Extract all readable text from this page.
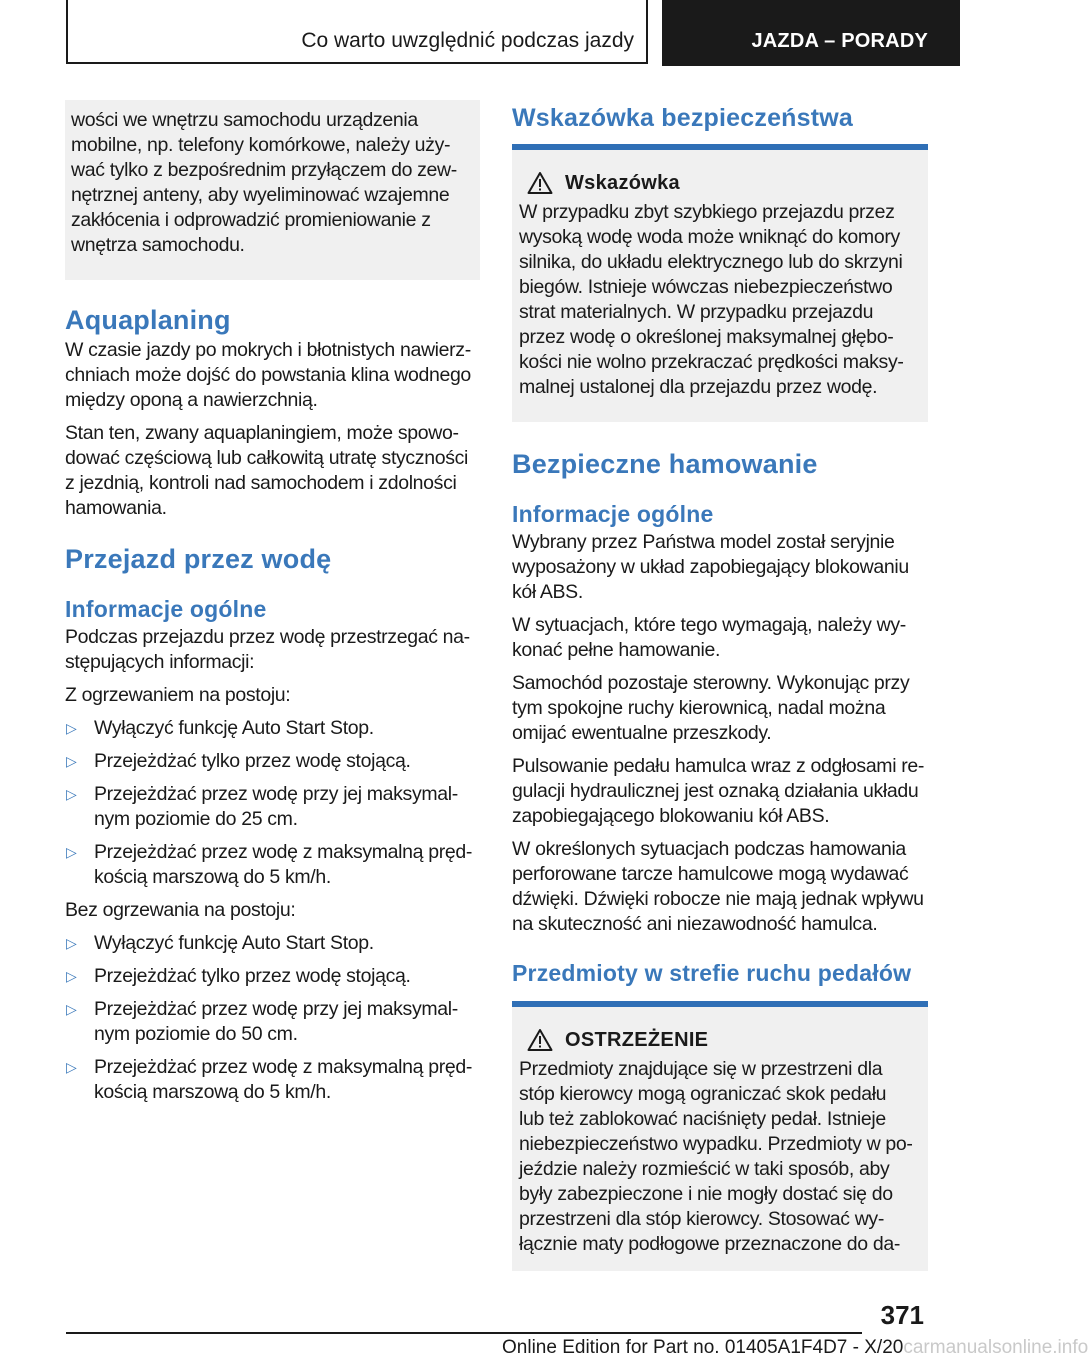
Co warto uwzględnić podczas jazdy	JAZDA – PORADY

wości we wnętrzu samochodu urządzenia
mobilne, np. telefony komórkowe, należy uży‐
wać tylko z bezpośrednim przyłączem do zew‐
nętrznej anteny, aby wyeliminować wzajemne
zakłócenia i odprowadzić promieniowanie z
wnętrza samochodu.

Aquaplaning

W czasie jazdy po mokrych i błotnistych nawierz‐
chniach może dojść do powstania klina wodnego
między oponą a nawierzchnią.

Stan ten, zwany aquaplaningiem, może spowo‐
dować częściową lub całkowitą utratę styczności
z jezdnią, kontroli nad samochodem i zdolności
hamowania.

Przejazd przez wodę
Informacje ogólne

Podczas przejazdu przez wodę przestrzegać na‐
stępujących informacji:

Z ogrzewaniem na postoju:

▷ Wyłączyć funkcję Auto Start Stop.
▷ Przejeżdżać tylko przez wodę stojącą.
▷ Przejeżdżać przez wodę przy jej maksymal‐
nym poziomie do 25 cm.
▷ Przejeżdżać przez wodę z maksymalną pręd‐
kością marszową do 5 km/h.

Bez ogrzewania na postoju:

▷ Wyłączyć funkcję Auto Start Stop.
▷ Przejeżdżać tylko przez wodę stojącą.
▷ Przejeżdżać przez wodę przy jej maksymal‐
nym poziomie do 50 cm.
▷ Przejeżdżać przez wodę z maksymalną pręd‐
kością marszową do 5 km/h.
Wskazówka bezpieczeństwa
Wskazówka

W przypadku zbyt szybkiego przejazdu przez
wysoką wodę woda może wniknąć do komory
silnika, do układu elektrycznego lub do skrzyni
biegów. Istnieje wówczas niebezpieczeństwo
strat materialnych. W przypadku przejazdu
przez wodę o określonej maksymalnej głębo‐
kości nie wolno przekraczać prędkości maksy‐
malnej ustalonej dla przejazdu przez wodę.

Bezpieczne hamowanie
Informacje ogólne

Wybrany przez Państwa model został seryjnie
wyposażony w układ zapobiegający blokowaniu
kół ABS.

W sytuacjach, które tego wymagają, należy wy‐
konać pełne hamowanie.

Samochód pozostaje sterowny. Wykonując przy
tym spokojne ruchy kierownicą, nadal można
omijać ewentualne przeszkody.

Pulsowanie pedału hamulca wraz z odgłosami re‐
gulacji hydraulicznej jest oznaką działania układu
zapobiegającego blokowaniu kół ABS.

W określonych sytuacjach podczas hamowania
perforowane tarcze hamulcowe mogą wydawać
dźwięki. Dźwięki robocze nie mają jednak wpływu
na skuteczność ani niezawodność hamulca.

Przedmioty w strefie ruchu pedałów
OSTRZEŻENIE

Przedmioty znajdujące się w przestrzeni dla
stóp kierowcy mogą ograniczać skok pedału
lub też zablokować naciśnięty pedał. Istnieje
niebezpieczeństwo wypadku. Przedmioty w po‐
jeździe należy rozmieścić w taki sposób, aby
były zabezpieczone i nie mogły dostać się do
przestrzeni dla stóp kierowcy. Stosować wy‐
łącznie maty podłogowe przeznaczone do da‐

371
Online Edition for Part no. 01405A1F4D7 - X/20carmanualsonline.info
